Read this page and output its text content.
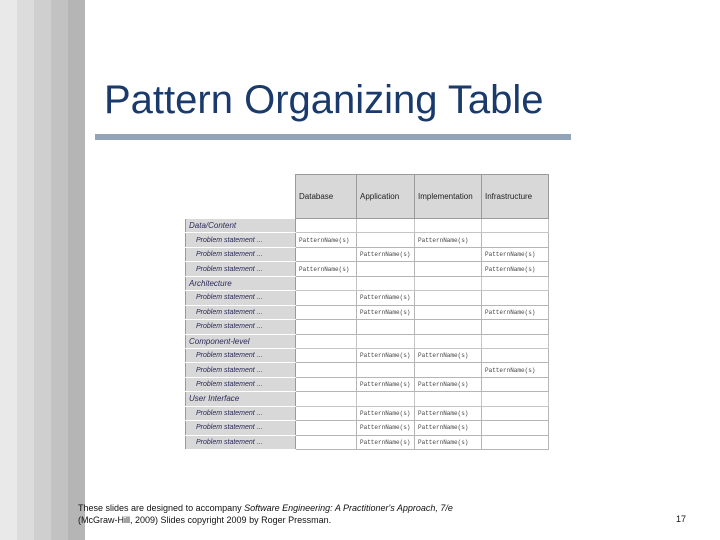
Pattern Organizing Table
	Database	Application	Implementation	Infrastructure
Data/Content				
Problem statement ...	PatternName(s)		PatternName(s)	
Problem statement ...		PatternName(s)		PatternName(s)
Problem statement ...	PatternName(s)			PatternName(s)
Architecture				
Problem statement ...		PatternName(s)		
Problem statement ...		PatternName(s)		PatternName(s)
Problem statement ...				
Component-level				
Problem statement ...		PatternName(s)	PatternName(s)	
Problem statement ...				PatternName(s)
Problem statement ...		PatternName(s)	PatternName(s)	
User Interface				
Problem statement ...		PatternName(s)	PatternName(s)	
Problem statement ...		PatternName(s)	PatternName(s)	
Problem statement ...		PatternName(s)	PatternName(s)	

These slides are designed to accompany Software Engineering: A Practitioner's Approach, 7/e
(McGraw-Hill, 2009) Slides copyright 2009 by Roger Pressman.	17
